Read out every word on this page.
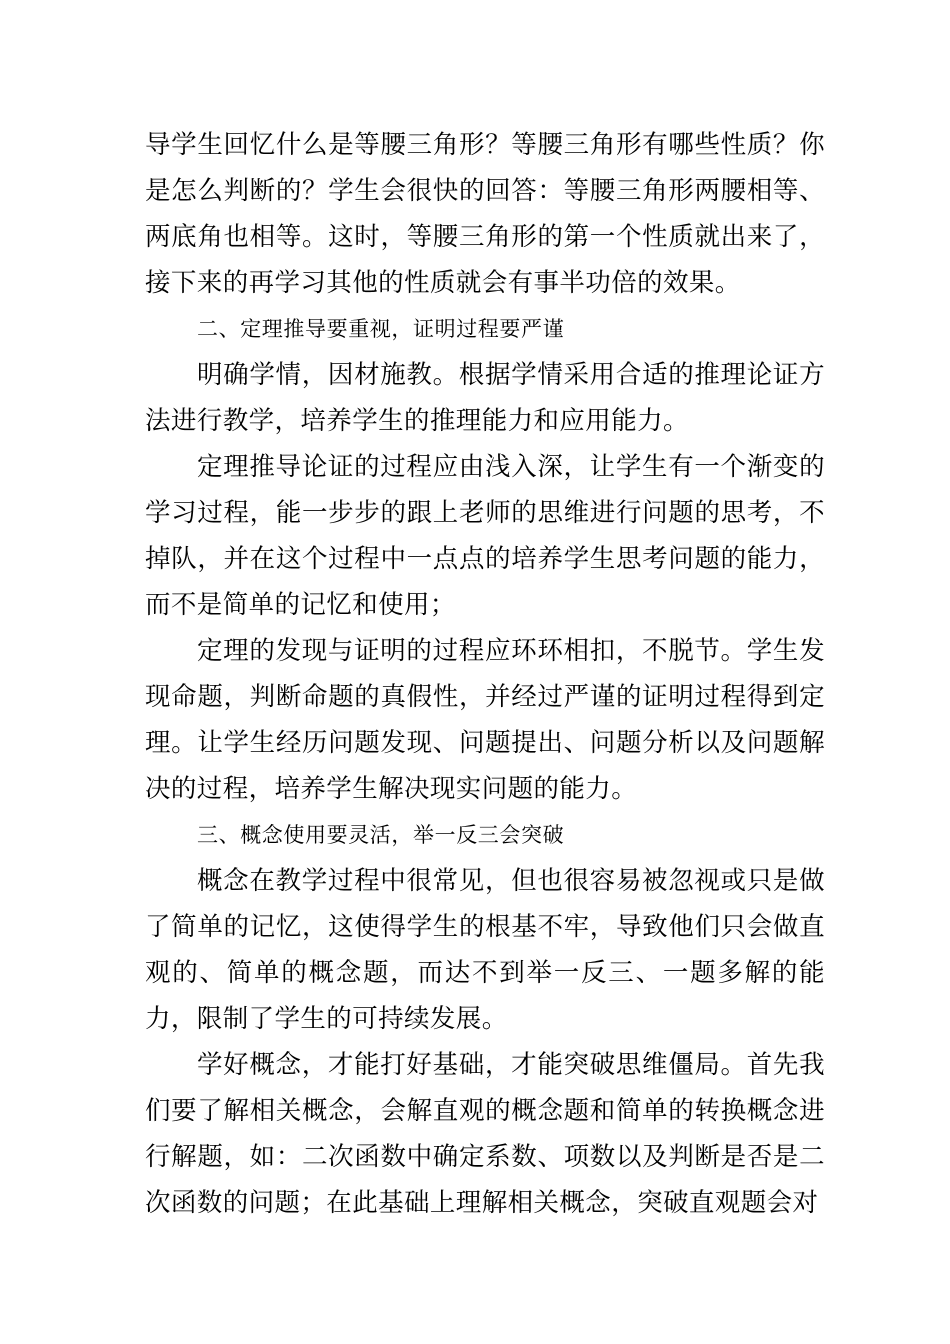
导学生回忆什么是等腰三角形？等腰三角形有哪些性质？你是怎么判断的？学生会很快的回答：等腰三角形两腰相等、两底角也相等。这时，等腰三角形的第一个性质就出来了，接下来的再学习其他的性质就会有事半功倍的效果。

二、定理推导要重视，证明过程要严谨

明确学情，因材施教。根据学情采用合适的推理论证方法进行教学，培养学生的推理能力和应用能力。

定理推导论证的过程应由浅入深，让学生有一个渐变的学习过程，能一步步的跟上老师的思维进行问题的思考，不掉队，并在这个过程中一点点的培养学生思考问题的能力， 而不是简单的记忆和使用；

定理的发现与证明的过程应环环相扣，不脱节。学生发现命题，判断命题的真假性，并经过严谨的证明过程得到定理。让学生经历问题发现、问题提出、问题分析以及问题解决的过程，培养学生解决现实问题的能力。

三、概念使用要灵活，举一反三会突破

概念在教学过程中很常见，但也很容易被忽视或只是做了简单的记忆，这使得学生的根基不牢，导致他们只会做直观的、简单的概念题，而达不到举一反三、一题多解的能力，限制了学生的可持续发展。

学好概念，才能打好基础，才能突破思维僵局。首先我们要了解相关概念，会解直观的概念题和简单的转换概念进行解题，如：二次函数中确定系数、项数以及判断是否是二次函数的问题；在此基础上理解相关概念，突破直观题会对
